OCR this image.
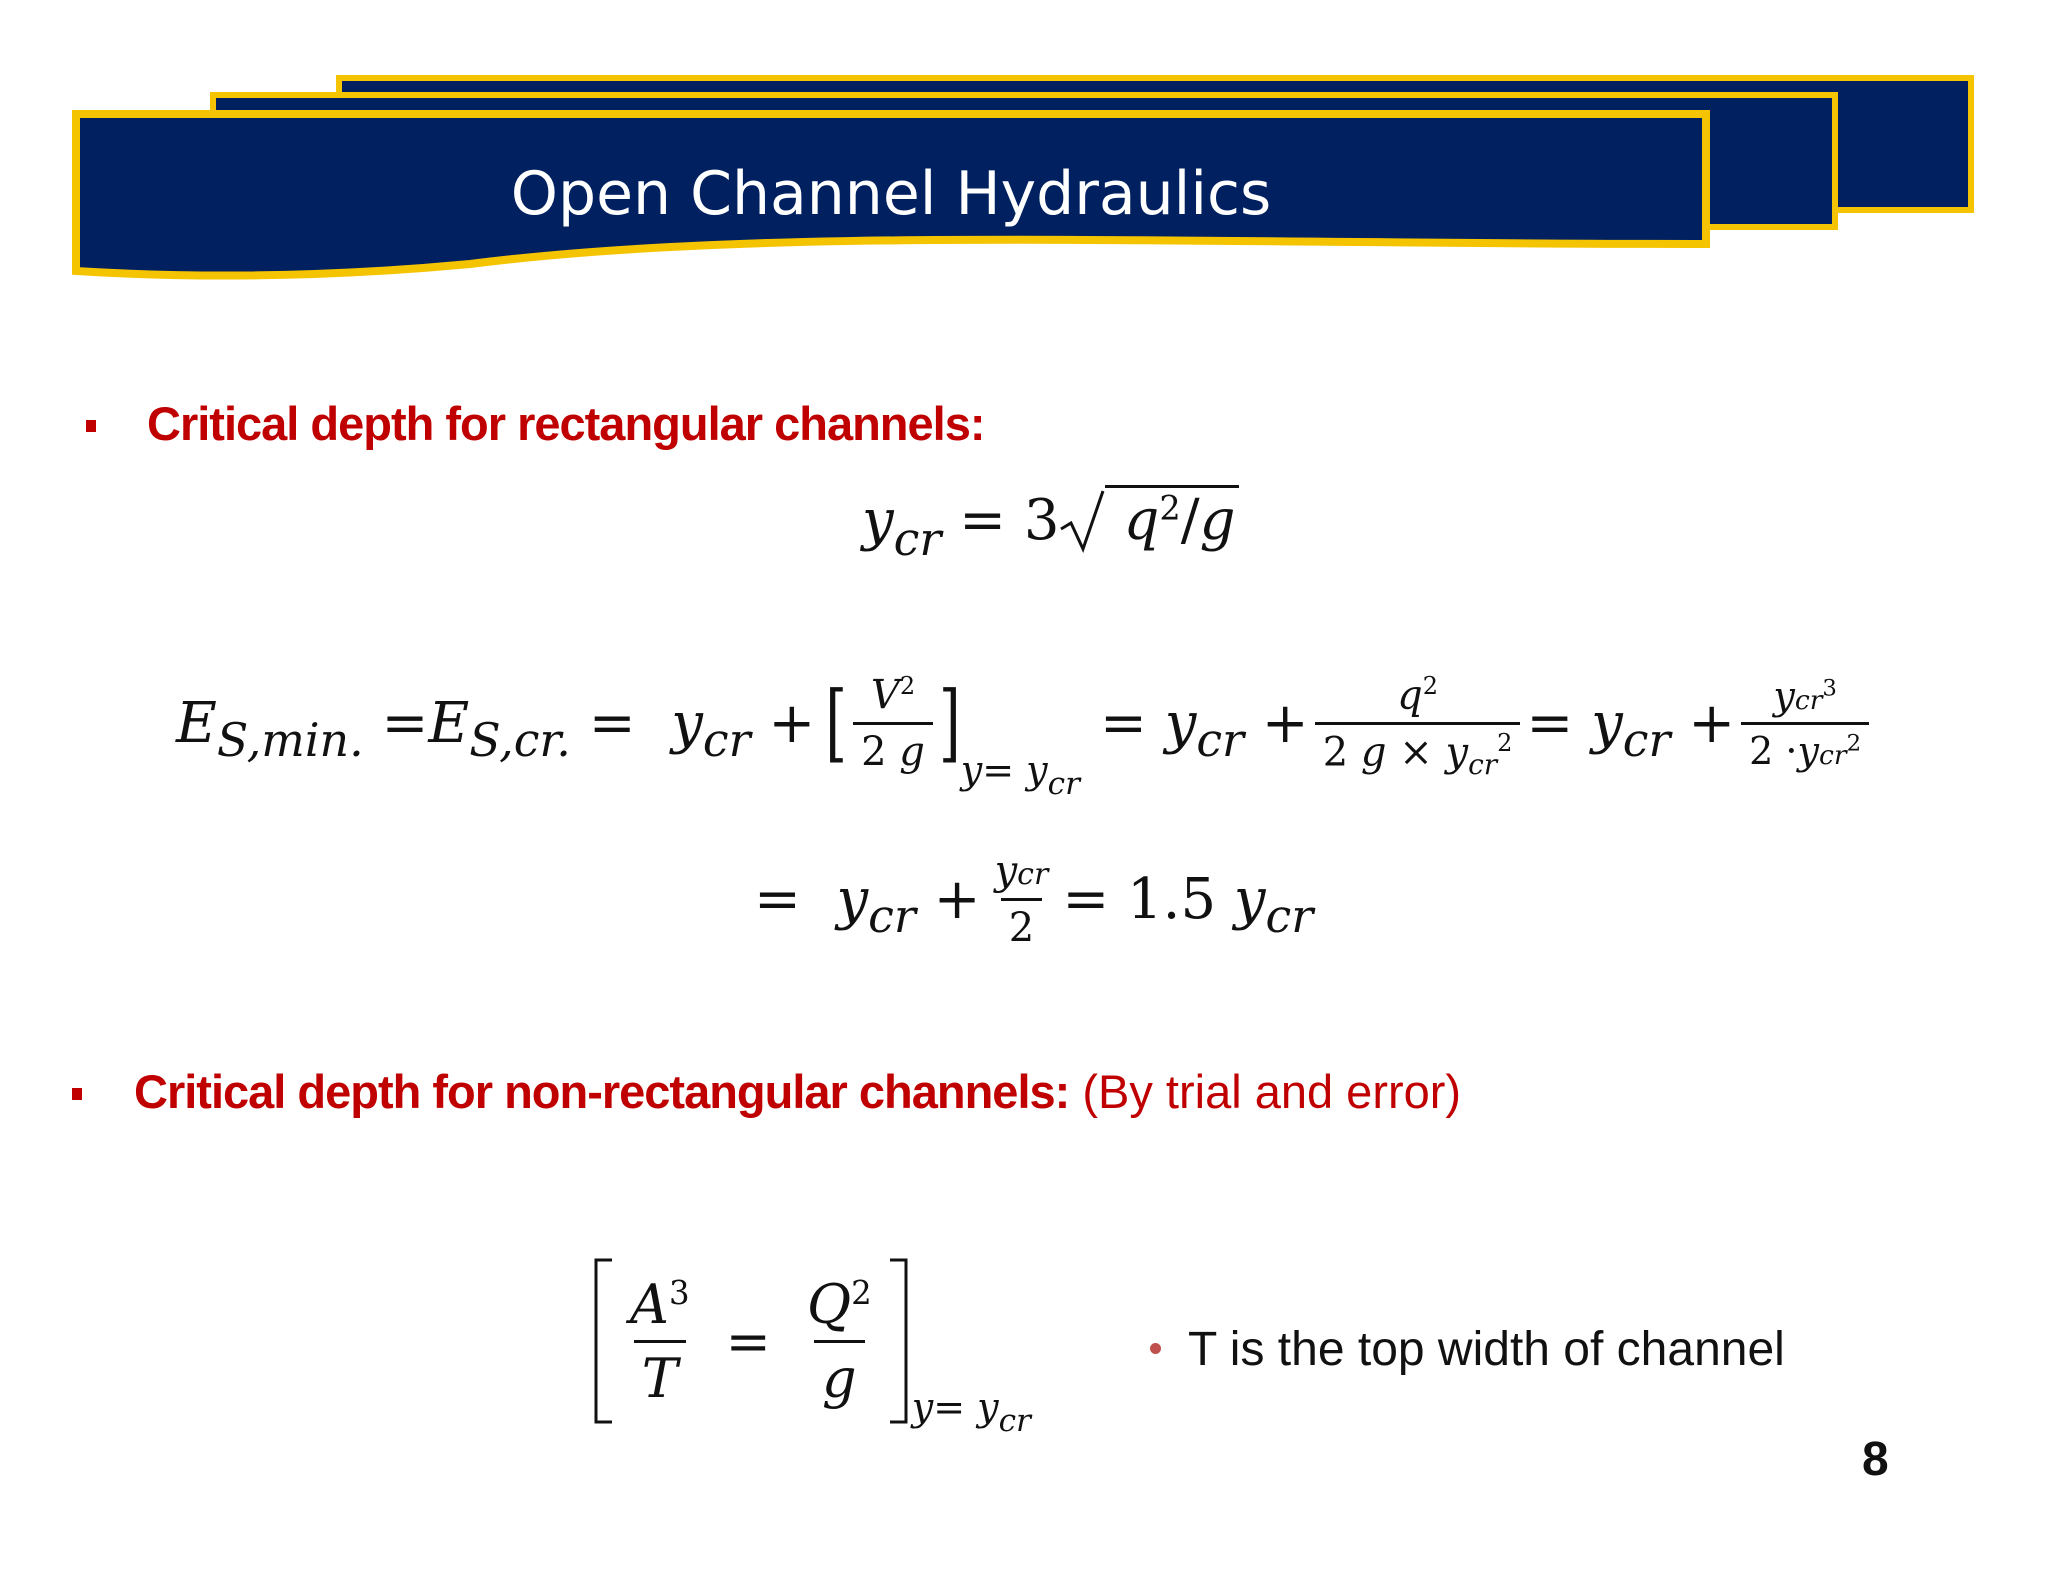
Open Channel Hydraulics
Critical depth for rectangular channels:
$y_{cr} = 3$ $q^2/g$
E S,min. = E S,cr. = y cr + [ $\frac{V^2}{2 g}$ ] $y= y_{cr}$
= y cr + $\frac{q^2}{2 g \times y_{cr}^2} = y$ cr + $\frac{ycr^3}{2 \cdot ycr^2}$
= y cr + $\frac{\text{ycr}}{2} = 1.5$ y cr
Critical depth for non-rectangular channels: (By trial and error)
$\frac{A^3}{T} = \frac{Q^2}{g} y= y_{cr}$
T is the top width of channel
8
